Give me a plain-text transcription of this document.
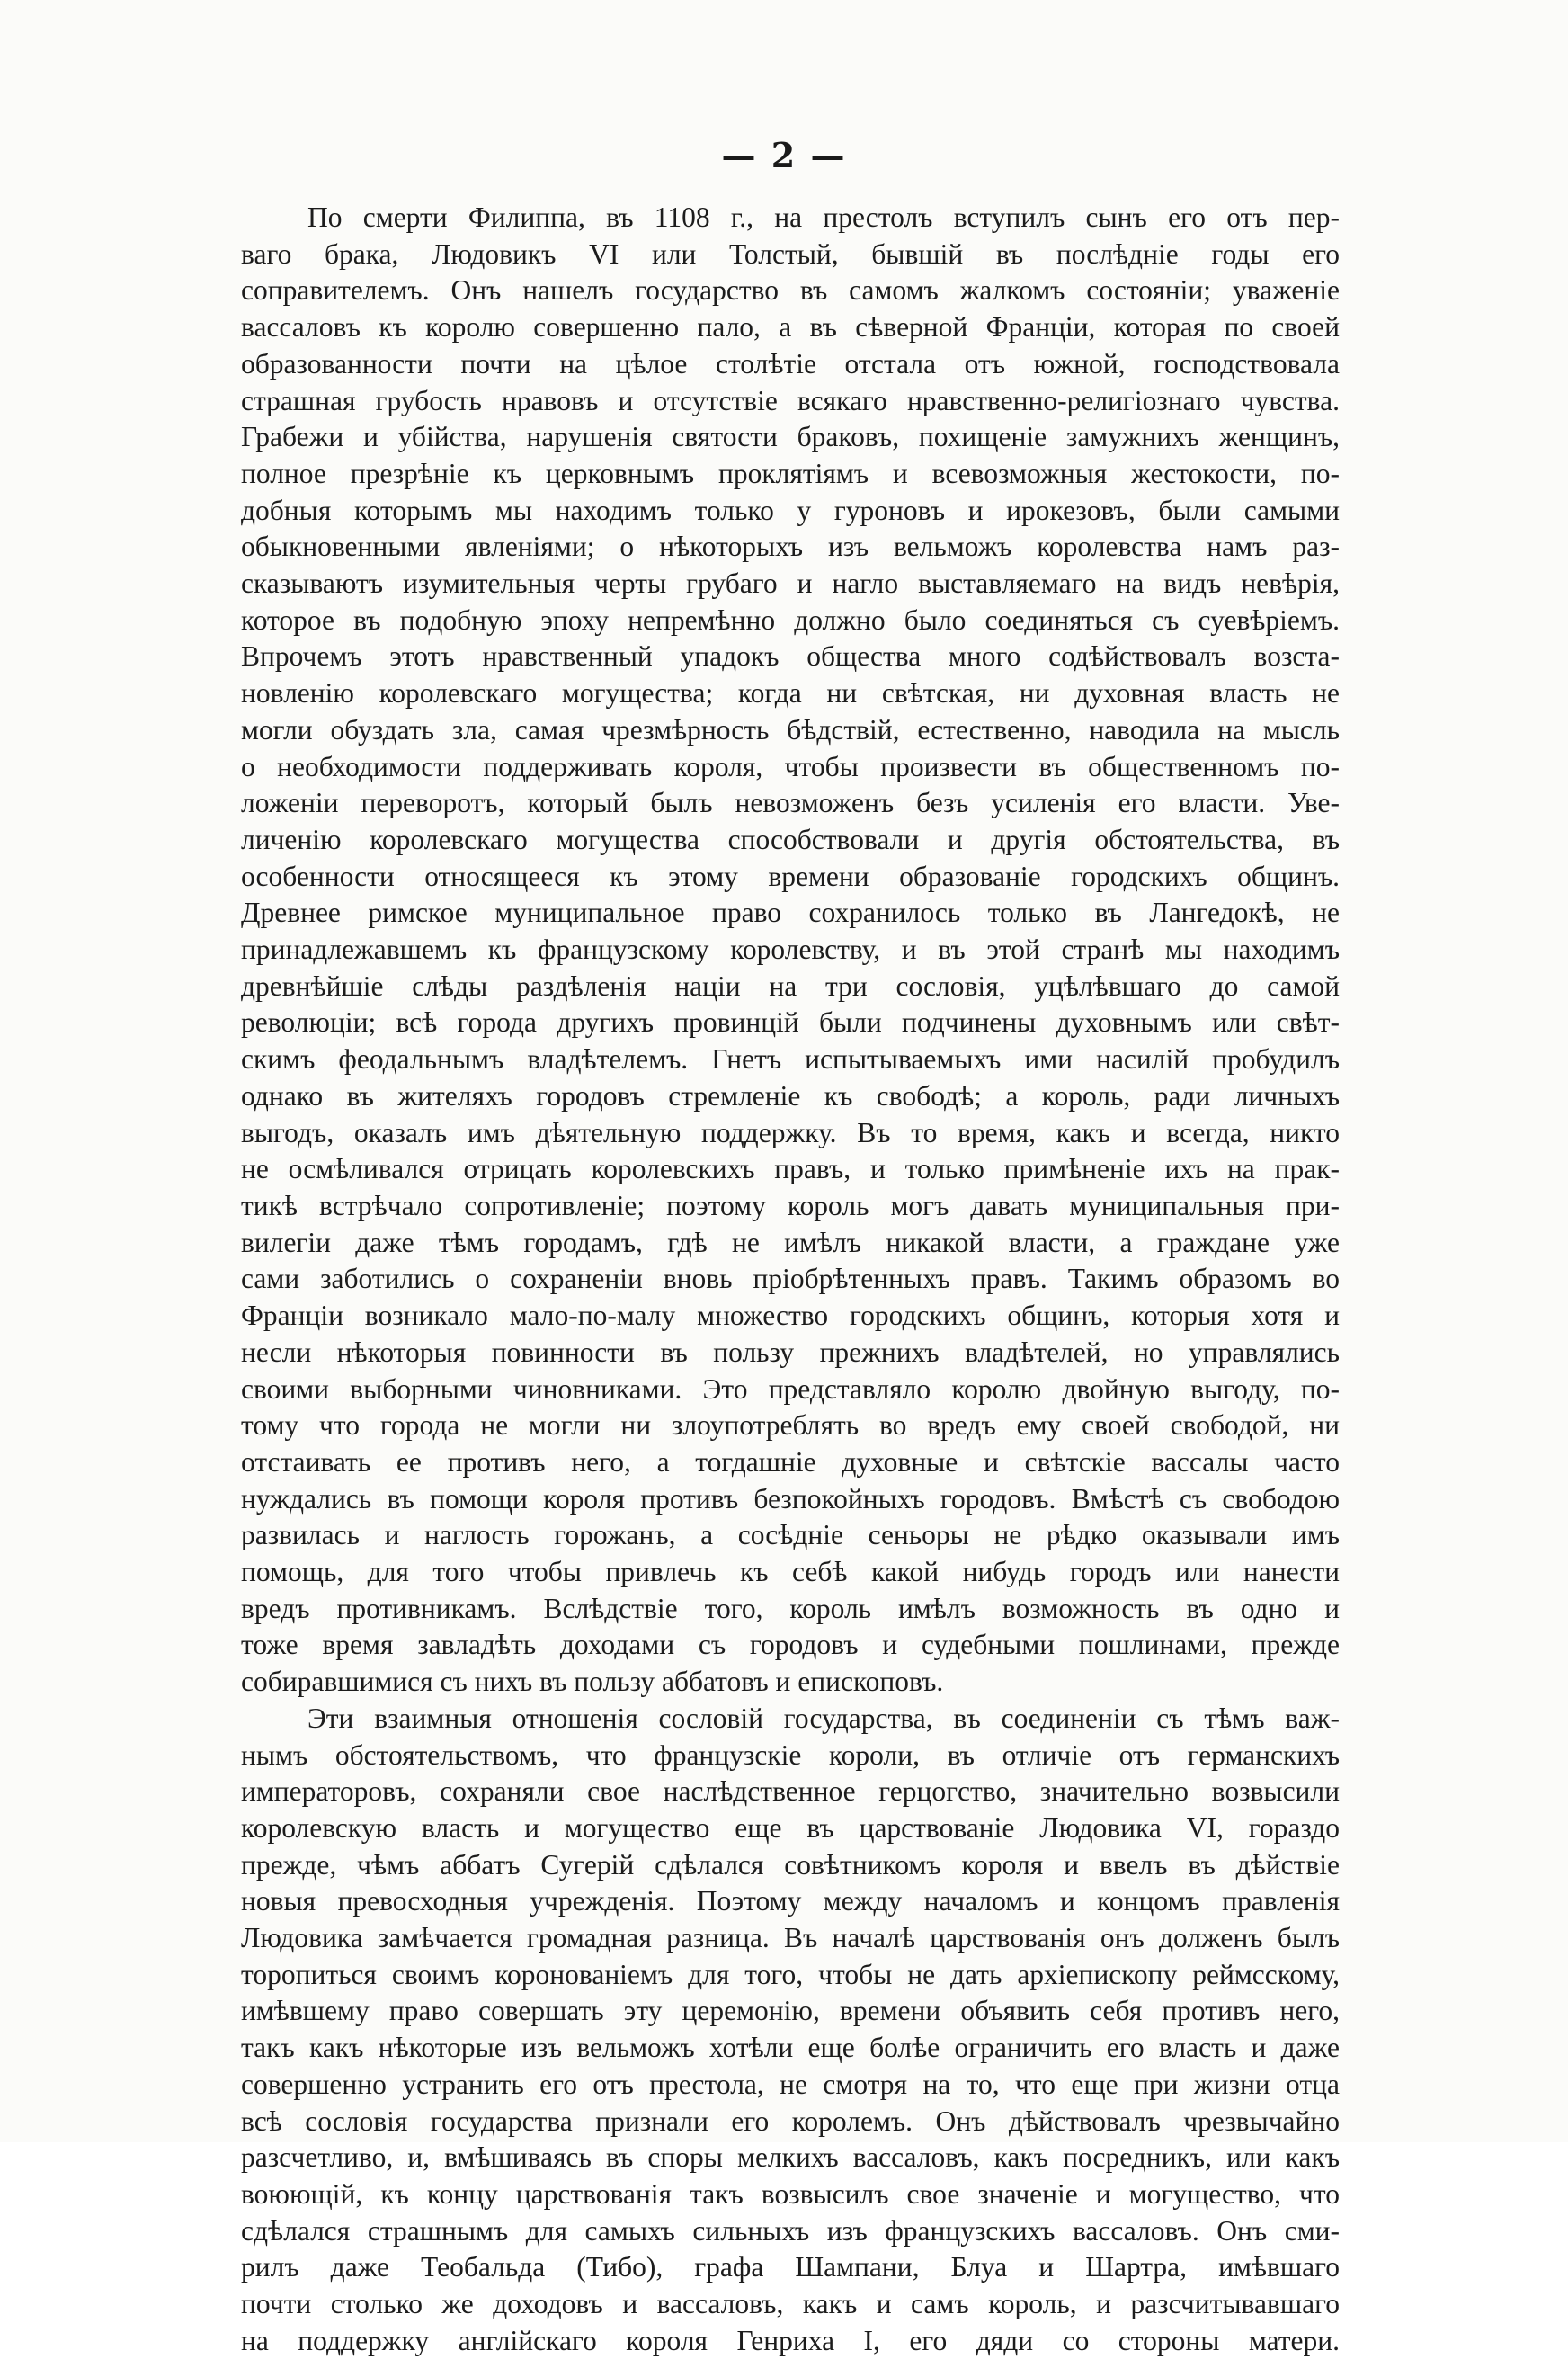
— 2 —
По смерти Филиппа, въ 1108 г., на престолъ вступилъ сынъ его отъ пер-
ваго брака, Людовикъ VI или Толстый, бывшій въ послѣдніе годы его
соправителемъ. Онъ нашелъ государство въ самомъ жалкомъ состояніи; уваженіе
вассаловъ къ королю совершенно пало, а въ сѣверной Франціи, которая по своей
образованности почти на цѣлое столѣтіе отстала отъ южной, господствовала
страшная грубость нравовъ и отсутствіе всякаго нравственно-религіознаго чувства.
Грабежи и убійства, нарушенія святости браковъ, похищеніе замужнихъ женщинъ,
полное презрѣніе къ церковнымъ проклятіямъ и всевозможныя жестокости, по-
добныя которымъ мы находимъ только у гуроновъ и ирокезовъ, были самыми
обыкновенными явленіями; о нѣкоторыхъ изъ вельможъ королевства намъ раз-
сказываютъ изумительныя черты грубаго и нагло выставляемаго на видъ невѣрія,
которое въ подобную эпоху непремѣнно должно было соединяться съ суевѣріемъ.
Впрочемъ этотъ нравственный упадокъ общества много содѣйствовалъ возста-
новленію королевскаго могущества; когда ни свѣтская, ни духовная власть не
могли обуздать зла, самая чрезмѣрность бѣдствій, естественно, наводила на мысль
о необходимости поддерживать короля, чтобы произвести въ общественномъ по-
ложеніи переворотъ, который былъ невозможенъ безъ усиленія его власти. Уве-
личенію королевскаго могущества способствовали и другія обстоятельства, въ
особенности относящееся къ этому времени образованіе городскихъ общинъ.
Древнее римское муниципальное право сохранилось только въ Лангедокѣ, не
принадлежавшемъ къ французскому королевству, и въ этой странѣ мы находимъ
древнѣйшіе слѣды раздѣленія націи на три сословія, уцѣлѣвшаго до самой
революціи; всѣ города другихъ провинцій были подчинены духовнымъ или свѣт-
скимъ феодальнымъ владѣтелемъ. Гнетъ испытываемыхъ ими насилій пробудилъ
однако въ жителяхъ городовъ стремленіе къ свободѣ; а король, ради личныхъ
выгодъ, оказалъ имъ дѣятельную поддержку. Въ то время, какъ и всегда, никто
не осмѣливался отрицать королевскихъ правъ, и только примѣненіе ихъ на прак-
тикѣ встрѣчало сопротивленіе; поэтому король могъ давать муниципальныя при-
вилегіи даже тѣмъ городамъ, гдѣ не имѣлъ никакой власти, а граждане уже
сами заботились о сохраненіи вновь пріобрѣтенныхъ правъ. Такимъ образомъ во
Франціи возникало мало-по-малу множество городскихъ общинъ, которыя хотя и
несли нѣкоторыя повинности въ пользу прежнихъ владѣтелей, но управлялись
своими выборными чиновниками. Это представляло королю двойную выгоду, по-
тому что города не могли ни злоупотреблять во вредъ ему своей свободой, ни
отстаивать ее противъ него, а тогдашніе духовные и свѣтскіе вассалы часто
нуждались въ помощи короля противъ безпокойныхъ городовъ. Вмѣстѣ съ свободою
развилась и наглость горожанъ, а сосѣдніе сеньоры не рѣдко оказывали имъ
помощь, для того чтобы привлечь къ себѣ какой нибудь городъ или нанести
вредъ противникамъ. Вслѣдствіе того, король имѣлъ возможность въ одно и
тоже время завладѣть доходами съ городовъ и судебными пошлинами, прежде
собиравшимися съ нихъ въ пользу аббатовъ и епископовъ.
Эти взаимныя отношенія сословій государства, въ соединеніи съ тѣмъ важ-
нымъ обстоятельствомъ, что французскіе короли, въ отличіе отъ германскихъ
императоровъ, сохраняли свое наслѣдственное герцогство, значительно возвысили
королевскую власть и могущество еще въ царствованіе Людовика VI, гораздо
прежде, чѣмъ аббатъ Сугерій сдѣлался совѣтникомъ короля и ввелъ въ дѣйствіе
новыя превосходныя учрежденія. Поэтому между началомъ и концомъ правленія
Людовика замѣчается громадная разница. Въ началѣ царствованія онъ долженъ былъ
торопиться своимъ коронованіемъ для того, чтобы не дать архіепископу реймсскому,
имѣвшему право совершать эту церемонію, времени объявить себя противъ него,
такъ какъ нѣкоторые изъ вельможъ хотѣли еще болѣе ограничить его власть и даже
совершенно устранить его отъ престола, не смотря на то, что еще при жизни отца
всѣ сословія государства признали его королемъ. Онъ дѣйствовалъ чрезвычайно
разсчетливо, и, вмѣшиваясь въ споры мелкихъ вассаловъ, какъ посредникъ, или какъ
воюющій, къ концу царствованія такъ возвысилъ свое значеніе и могущество, что
сдѣлался страшнымъ для самыхъ сильныхъ изъ французскихъ вассаловъ. Онъ сми-
рилъ даже Теобальда (Тибо), графа Шампани, Блуа и Шартра, имѣвшаго
почти столько же доходовъ и вассаловъ, какъ и самъ король, и разсчитывавшаго
на поддержку англійскаго короля Генриха I, его дяди со стороны матери.
